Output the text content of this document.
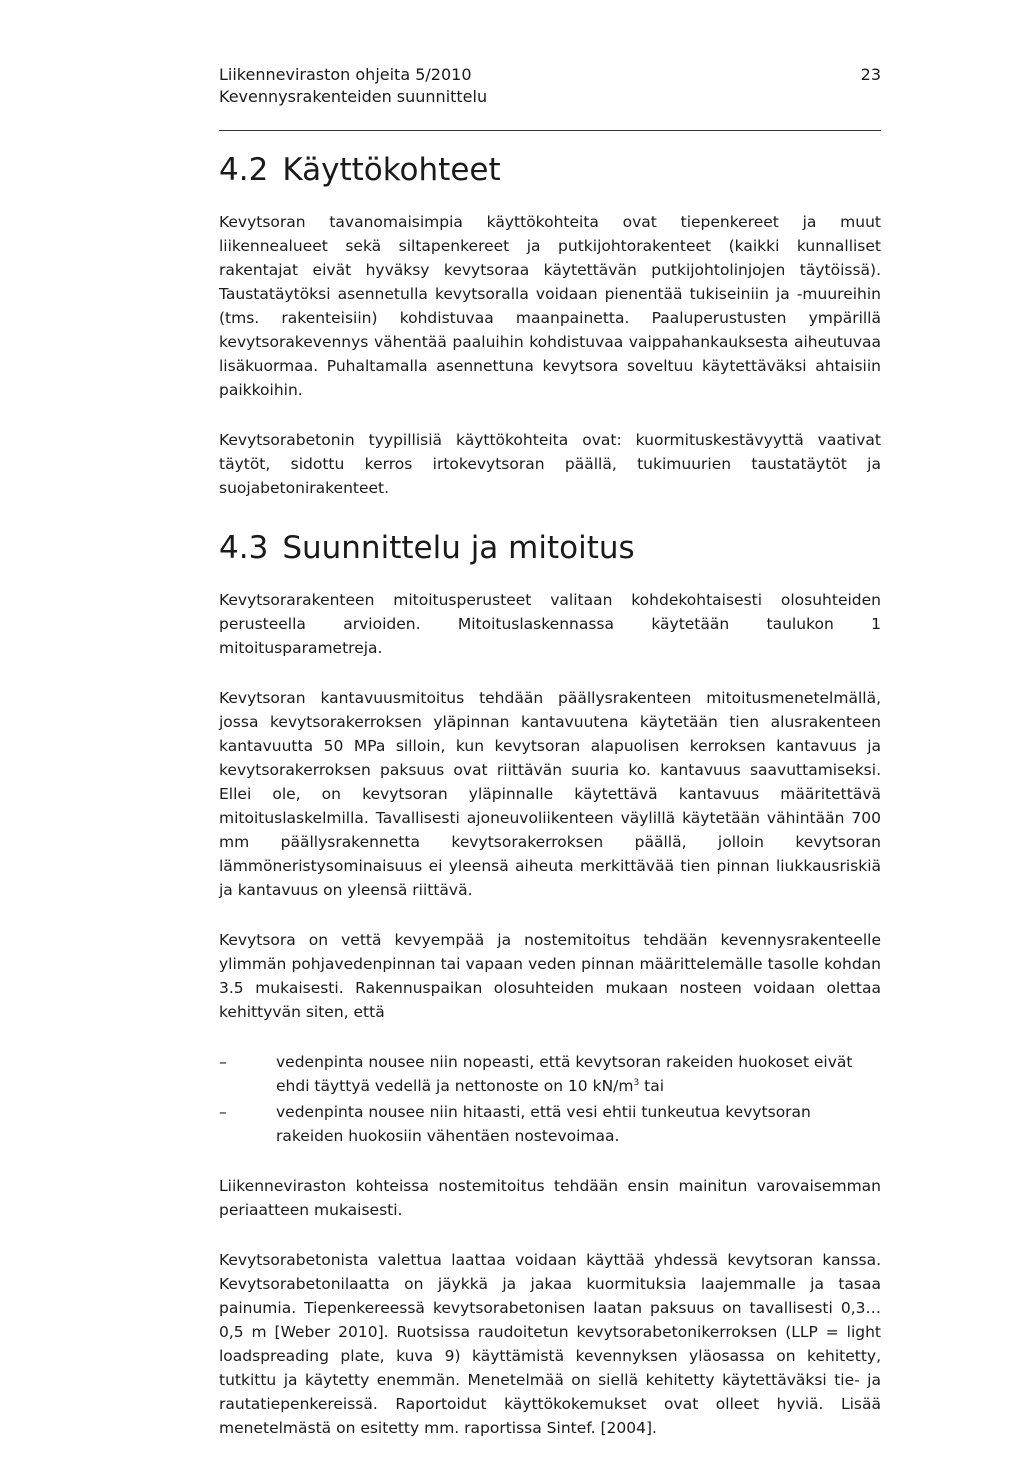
Liikenneviraston ohjeita 5/2010
Kevennysrakenteiden suunnittelu
23
4.2 Käyttökohteet

Kevytsoran tavanomaisimpia käyttökohteita ovat tiepenkereet ja muut liikennealueet sekä siltapenkereet ja putkijohtorakenteet (kaikki kunnalliset rakentajat eivät hyväksy kevytsoraa käytettävän putkijohtolinjojen täytöissä). Taustatäytöksi asennetulla kevytsoralla voidaan pienentää tukiseiniin ja -muureihin (tms. rakenteisiin) kohdistuvaa maanpainetta. Paaluperustusten ympärillä kevytsorakevennys vähentää paaluihin kohdistuvaa vaippahankauksesta aiheutuvaa lisäkuormaa. Puhaltamalla asennettuna kevytsora soveltuu käytettäväksi ahtaisiin paikkoihin.

Kevytsorabetonin tyypillisiä käyttökohteita ovat: kuormituskestävyyttä vaativat täytöt, sidottu kerros irtokevytsoran päällä, tukimuurien taustatäytöt ja suojabetonirakenteet.

4.3 Suunnittelu ja mitoitus

Kevytsorarakenteen mitoitusperusteet valitaan kohdekohtaisesti olosuhteiden perusteella arvioiden. Mitoituslaskennassa käytetään taulukon 1 mitoitusparametreja.

Kevytsoran kantavuusmitoitus tehdään päällysrakenteen mitoitusmenetelmällä, jossa kevytsorakerroksen yläpinnan kantavuutena käytetään tien alusrakenteen kantavuutta 50 MPa silloin, kun kevytsoran alapuolisen kerroksen kantavuus ja kevytsorakerroksen paksuus ovat riittävän suuria ko. kantavuus saavuttamiseksi. Ellei ole, on kevytsoran yläpinnalle käytettävä kantavuus määritettävä mitoituslaskelmilla. Tavallisesti ajoneuvoliikenteen väylillä käytetään vähintään 700 mm päällysrakennetta kevytsorakerroksen päällä, jolloin kevytsoran lämmöneristysominaisuus ei yleensä aiheuta merkittävää tien pinnan liukkausriskiä ja kantavuus on yleensä riittävä.

Kevytsora on vettä kevyempää ja nostemitoitus tehdään kevennysrakenteelle ylimmän pohjavedenpinnan tai vapaan veden pinnan määrittelemälle tasolle kohdan 3.5 mukaisesti. Rakennuspaikan olosuhteiden mukaan nosteen voidaan olettaa kehittyvän siten, että

–	vedenpinta nousee niin nopeasti, että kevytsoran rakeiden huokoset eivät ehdi täyttyä vedellä ja nettonoste on 10 $kN/m^3$ tai
–	vedenpinta nousee niin hitaasti, että vesi ehtii tunkeutua kevytsoran rakeiden huokosiin vähentäen nostevoimaa.

Liikenneviraston kohteissa nostemitoitus tehdään ensin mainitun varovaisemman periaatteen mukaisesti.

Kevytsorabetonista valettua laattaa voidaan käyttää yhdessä kevytsoran kanssa. Kevytsorabetonilaatta on jäykkä ja jakaa kuormituksia laajemmalle ja tasaa painumia. Tiepenkereessä kevytsorabetonisen laatan paksuus on tavallisesti 0,3…0,5 m [Weber 2010]. Ruotsissa raudoitetun kevytsorabetonikerroksen (LLP = light loadspreading plate, kuva 9) käyttämistä kevennyksen yläosassa on kehitetty, tutkittu ja käytetty enemmän. Menetelmää on siellä kehitetty käytettäväksi tie- ja rautatiepenkereissä. Raportoidut käyttökokemukset ovat olleet hyviä. Lisää menetelmästä on esitetty mm. raportissa Sintef. [2004].
